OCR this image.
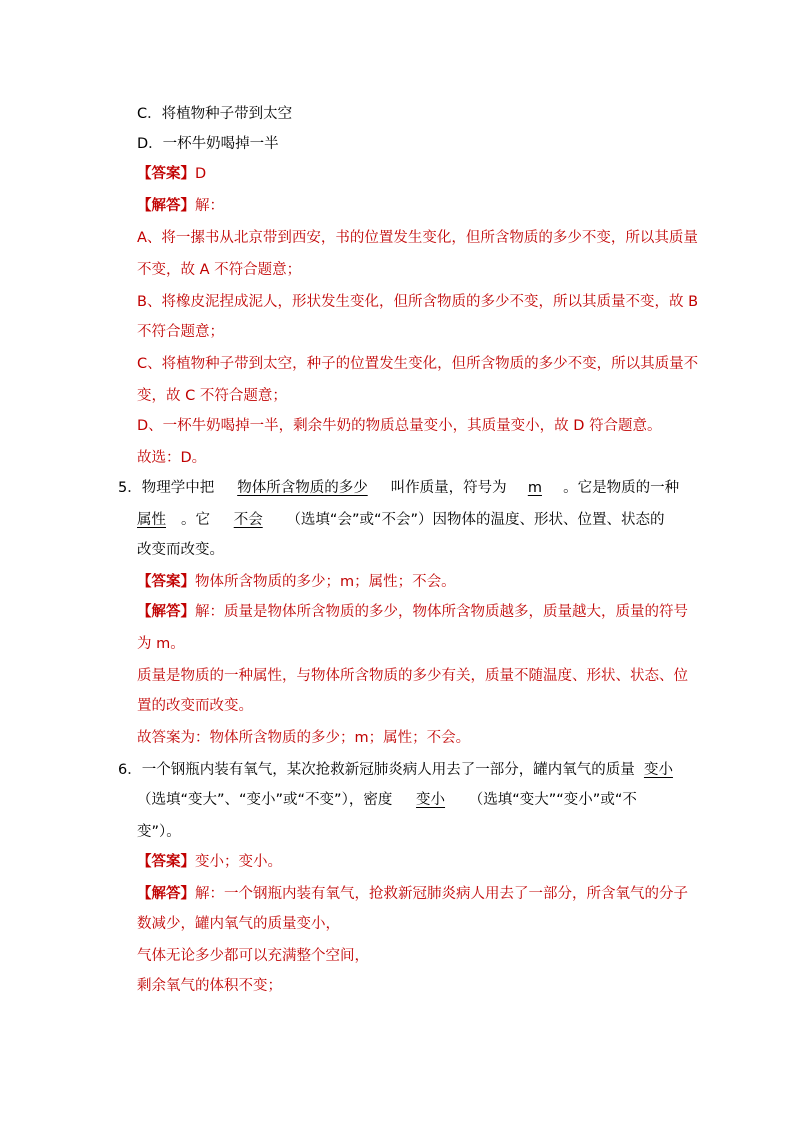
C．将植物种子带到太空
D．一杯牛奶喝掉一半
【答案】D
【解答】解：
A、将一摞书从北京带到西安，书的位置发生变化，但所含物质的多少不变，所以其质量
不变，故 A 不符合题意；
B、将橡皮泥捏成泥人，形状发生变化，但所含物质的多少不变，所以其质量不变，故 B
不符合题意；
C、将植物种子带到太空，种子的位置发生变化，但所含物质的多少不变，所以其质量不
变，故 C 不符合题意；
D、一杯牛奶喝掉一半，剩余牛奶的物质总量变小，其质量变小，故 D 符合题意。
故选：D。
5．物理学中把 物体所含物质的多少 叫作质量，符号为 m 。它是物质的一种
属性 。它 不会 （选填“会”或“不会”）因物体的温度、形状、位置、状态的
改变而改变。
【答案】物体所含物质的多少；m；属性；不会。
【解答】解：质量是物体所含物质的多少，物体所含物质越多，质量越大，质量的符号
为 m。
质量是物质的一种属性，与物体所含物质的多少有关，质量不随温度、形状、状态、位
置的改变而改变。
故答案为：物体所含物质的多少；m；属性；不会。
6．一个钢瓶内装有氧气，某次抢救新冠肺炎病人用去了一部分，罐内氧气的质量 变小
（选填“变大”、“变小”或“不变”），密度 变小 （选填“变大”“变小”或“不
变”）。
【答案】变小；变小。
【解答】解：一个钢瓶内装有氧气，抢救新冠肺炎病人用去了一部分，所含氧气的分子
数减少，罐内氧气的质量变小，
气体无论多少都可以充满整个空间，
剩余氧气的体积不变；
